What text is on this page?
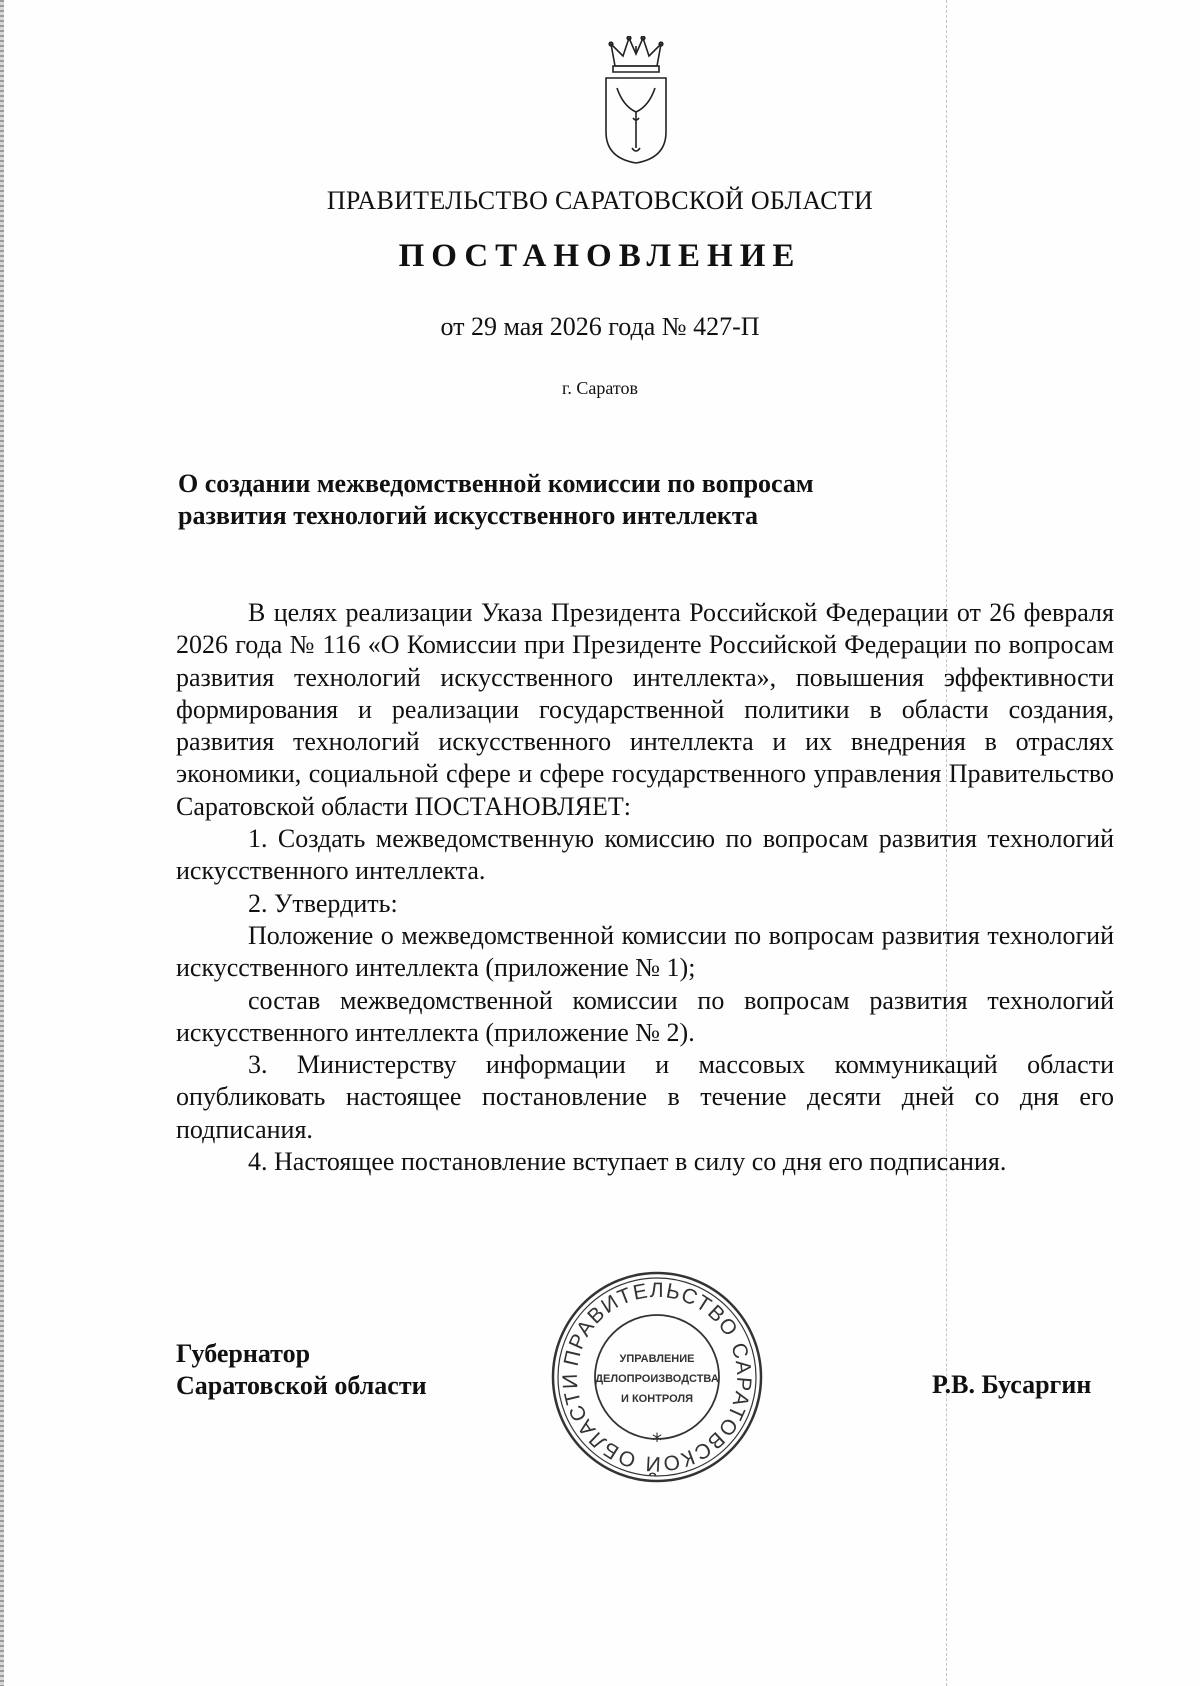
ПРАВИТЕЛЬСТВО САРАТОВСКОЙ ОБЛАСТИ
ПОСТАНОВЛЕНИЕ
от 29 мая 2026 года № 427-П
г. Саратов
О создании межведомственной комиссии по вопросам
развития технологий искусственного интеллекта

В целях реализации Указа Президента Российской Федерации от 26 февраля 2026 года № 116 «О Комиссии при Президенте Российской Федерации по вопросам развития технологий искусственного интеллекта», повышения эффективности формирования и реализации государственной политики в области создания, развития технологий искусственного интеллекта и их внедрения в отраслях экономики, социальной сфере и сфере государственного управления Правительство Саратовской области ПОСТАНОВЛЯЕТ:

1. Создать межведомственную комиссию по вопросам развития технологий искусственного интеллекта.

2. Утвердить:

Положение о межведомственной комиссии по вопросам развития технологий искусственного интеллекта (приложение № 1);

состав межведомственной комиссии по вопросам развития технологий искусственного интеллекта (приложение № 2).

3. Министерству информации и массовых коммуникаций области опубликовать настоящее постановление в течение десяти дней со дня его подписания.

4. Настоящее постановление вступает в силу со дня его подписания.

Губернатор
Саратовской области
ПРАВИТЕЛЬСТВО САРАТОВСКОЙ ОБЛАСТИ
*
УПРАВЛЕНИЕ
ДЕЛОПРОИЗВОДСТВА
И КОНТРОЛЯ	Р.В. Бусаргин
